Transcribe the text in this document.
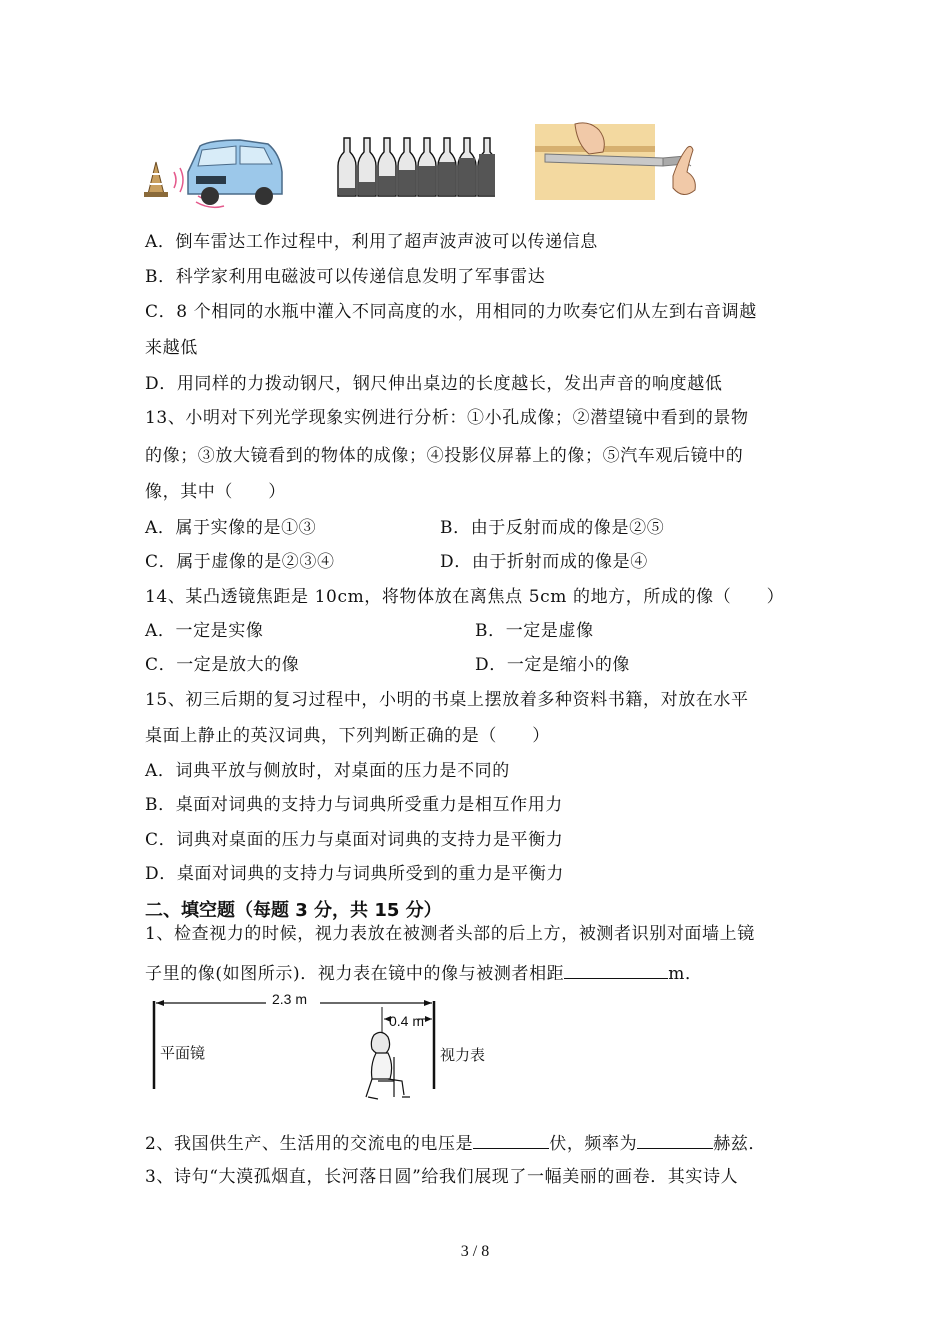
A．倒车雷达工作过程中，利用了超声波声波可以传递信息
B．科学家利用电磁波可以传递信息发明了军事雷达
C．8 个相同的水瓶中灌入不同高度的水，用相同的力吹奏它们从左到右音调越
来越低
D．用同样的力拨动钢尺，钢尺伸出桌边的长度越长，发出声音的响度越低
13、小明对下列光学现象实例进行分析：①小孔成像；②潜望镜中看到的景物
的像；③放大镜看到的物体的成像；④投影仪屏幕上的像；⑤汽车观后镜中的
像，其中（　　）
A．属于实像的是①③	B．由于反射而成的像是②⑤
C．属于虚像的是②③④	D．由于折射而成的像是④
14、某凸透镜焦距是 10cm，将物体放在离焦点 5cm 的地方，所成的像（　　）
A．一定是实像	B．一定是虚像
C．一定是放大的像	D．一定是缩小的像
15、初三后期的复习过程中，小明的书桌上摆放着多种资料书籍，对放在水平
桌面上静止的英汉词典，下列判断正确的是（　　）
A．词典平放与侧放时，对桌面的压力是不同的
B．桌面对词典的支持力与词典所受重力是相互作用力
C．词典对桌面的压力与桌面对词典的支持力是平衡力
D．桌面对词典的支持力与词典所受到的重力是平衡力
二、填空题（每题 3 分，共 15 分）
1、检查视力的时候，视力表放在被测者头部的后上方，被测者识别对面墙上镜
子里的像(如图所示)．视力表在镜中的像与被测者相距	m．
2.3 m
0.4 m
平面镜	视力表
2、我国供生产、生活用的交流电的电压是	伏，频率为	赫兹．
3、诗句“大漠孤烟直，长河落日圆”给我们展现了一幅美丽的画卷．其实诗人
3 / 8
